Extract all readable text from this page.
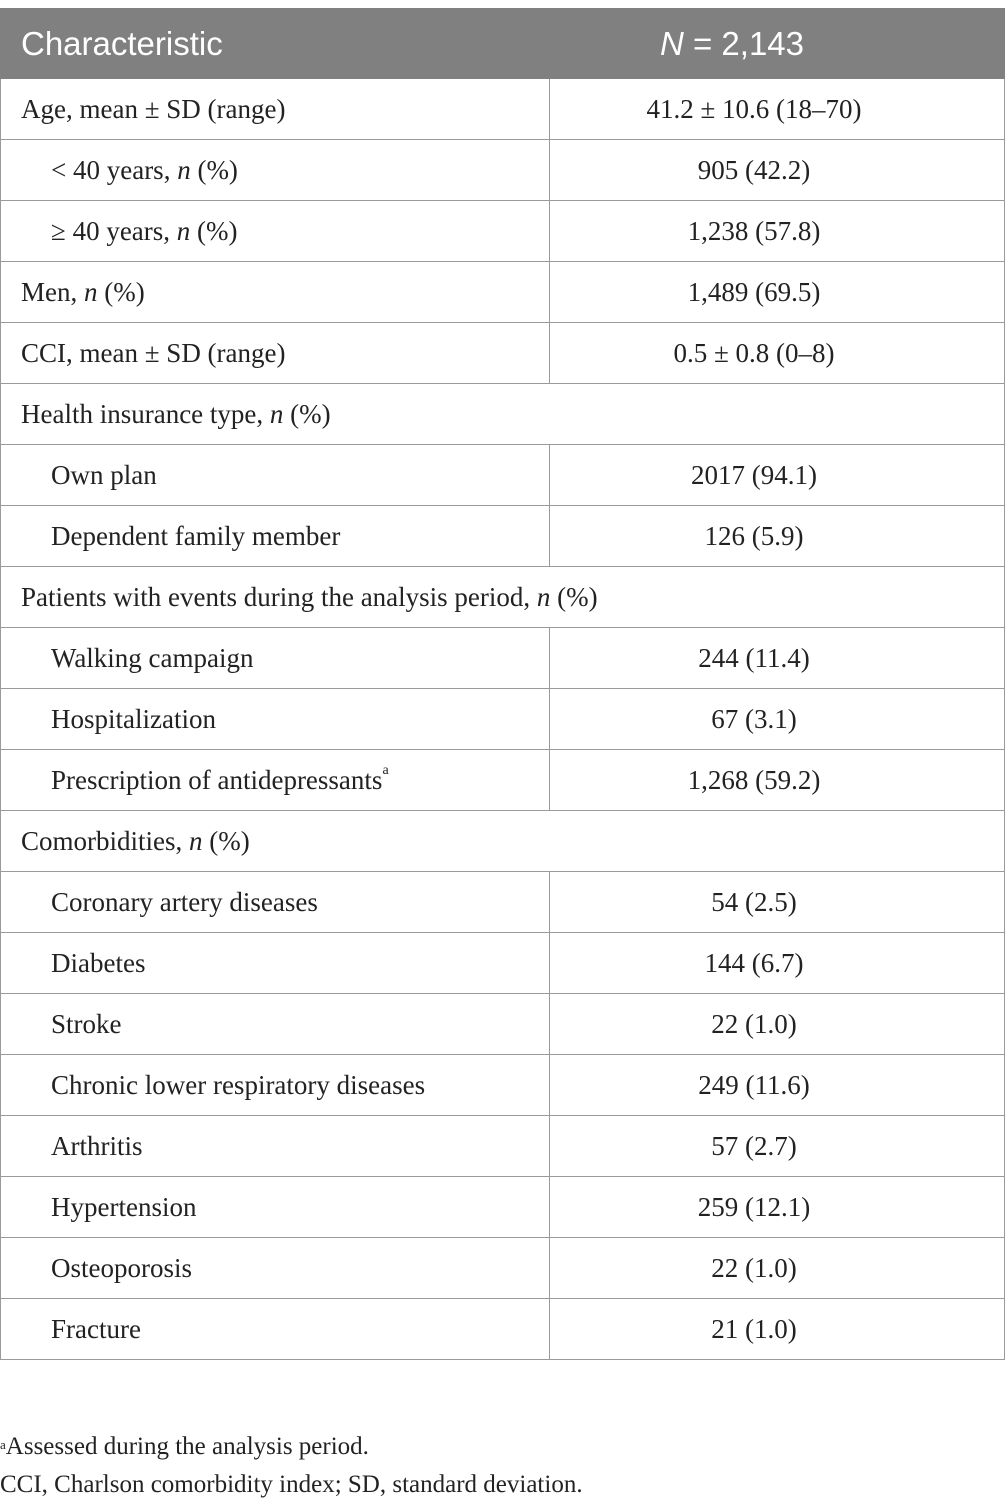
Characteristic	N = 2,143
Age, mean ± SD (range)	41.2 ± 10.6 (18–70)
< 40 years, n (%)	905 (42.2)
≥ 40 years, n (%)	1,238 (57.8)
Men, n (%)	1,489 (69.5)
CCI, mean ± SD (range)	0.5 ± 0.8 (0–8)
Health insurance type, n (%)	
Own plan	2017 (94.1)
Dependent family member	126 (5.9)
Patients with events during the analysis period, n (%)	
Walking campaign	244 (11.4)
Hospitalization	67 (3.1)
Prescription of antidepressants$^a$	1,268 (59.2)
Comorbidities, n (%)	
Coronary artery diseases	54 (2.5)
Diabetes	144 (6.7)
Stroke	22 (1.0)
Chronic lower respiratory diseases	249 (11.6)
Arthritis	57 (2.7)
Hypertension	259 (12.1)
Osteoporosis	22 (1.0)
Fracture	21 (1.0)

$^a$Assessed during the analysis period.

CCI, Charlson comorbidity index; SD, standard deviation.
